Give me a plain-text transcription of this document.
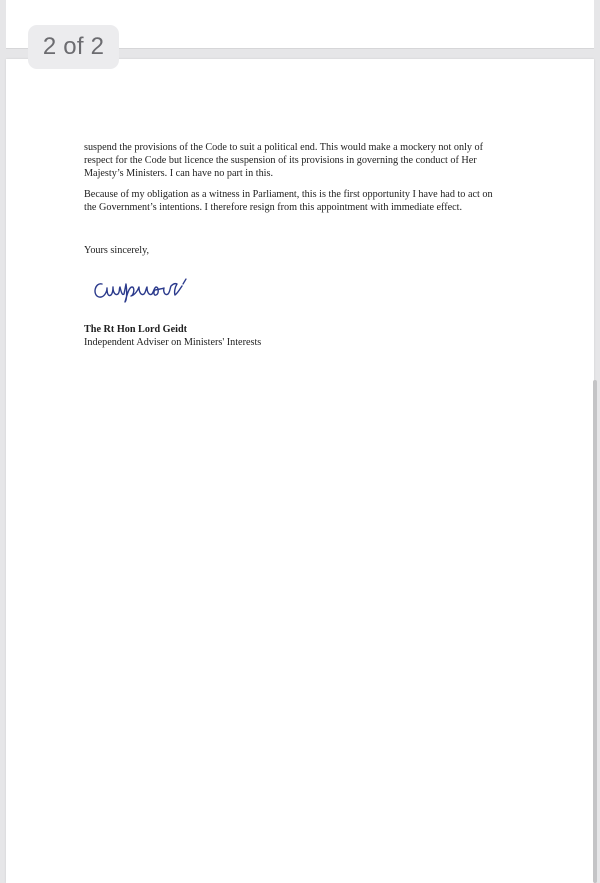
2 of 2

suspend the provisions of the Code to suit a political end. This would make a mockery not only of respect for the Code but licence the suspension of its provisions in governing the conduct of Her Majesty’s Ministers. I can have no part in this.

Because of my obligation as a witness in Parliament, this is the first opportunity I have had to act on the Government’s intentions. I therefore resign from this appointment with immediate effect.

Yours sincerely,

The Rt Hon Lord Geidt

Independent Adviser on Ministers' Interests
